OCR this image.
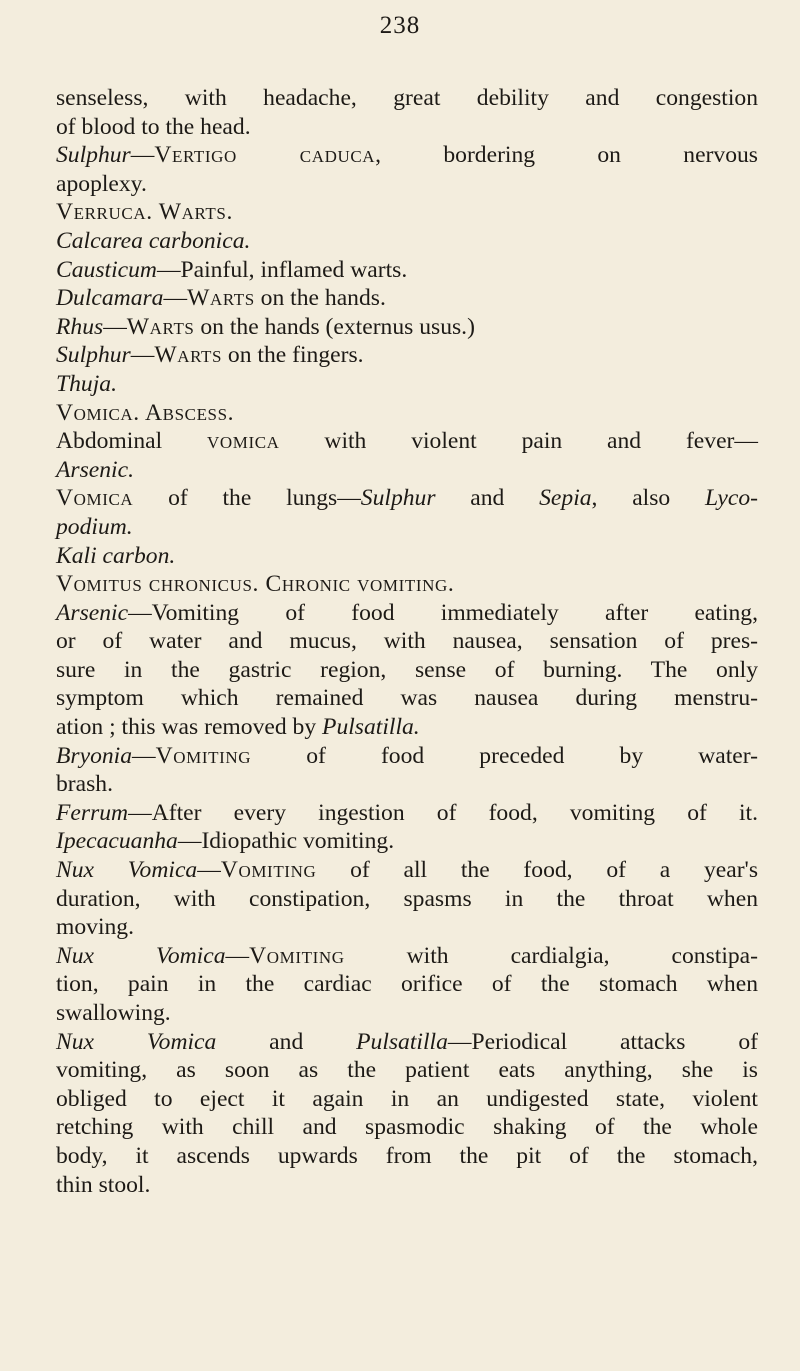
238
senseless, with headache, great debility and congestion
of blood to the head.
Sulphur—Vertigo caduca, bordering on nervous
apoplexy.
Verruca. Warts.
Calcarea carbonica.
Causticum—Painful, inflamed warts.
Dulcamara—Warts on the hands.
Rhus—Warts on the hands (externus usus.)
Sulphur—Warts on the fingers.
Thuja.
Vomica. Abscess.
Abdominal vomica with violent pain and fever—
Arsenic.
Vomica of the lungs—Sulphur and Sepia, also Lyco-
podium.
Kali carbon.
Vomitus chronicus. Chronic vomiting.
Arsenic—Vomiting of food immediately after eating,
or of water and mucus, with nausea, sensation of pres-
sure in the gastric region, sense of burning. The only
symptom which remained was nausea during menstru-
ation ; this was removed by Pulsatilla.
Bryonia—Vomiting of food preceded by water-
brash.
Ferrum—After every ingestion of food, vomiting of it.
Ipecacuanha—Idiopathic vomiting.
Nux Vomica—Vomiting of all the food, of a year's
duration, with constipation, spasms in the throat when
moving.
Nux Vomica—Vomiting with cardialgia, constipa-
tion, pain in the cardiac orifice of the stomach when
swallowing.
Nux Vomica and Pulsatilla—Periodical attacks of
vomiting, as soon as the patient eats anything, she is
obliged to eject it again in an undigested state, violent
retching with chill and spasmodic shaking of the whole
body, it ascends upwards from the pit of the stomach,
thin stool.
